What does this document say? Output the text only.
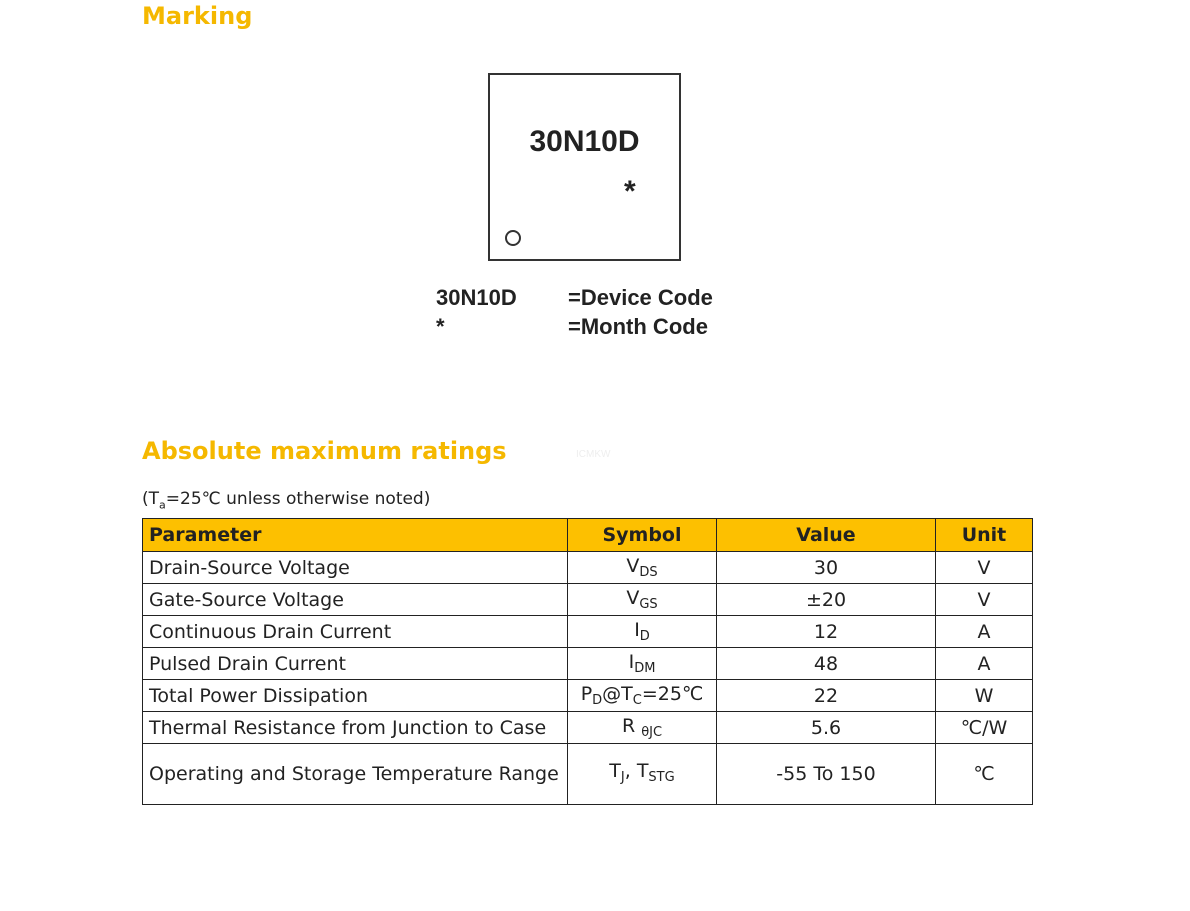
Marking
30N10D
*
30N10D	=Device Code
*	=Month Code
Absolute maximum ratings	ICMKW
($T_a=25℃$ unless otherwise noted)
Parameter	Symbol	Value	Unit
Drain-Source Voltage	$V_{DS}$	30	V
Gate-Source Voltage	$V_{GS}$	±20	V
Continuous Drain Current	$I_D$	12	A
Pulsed Drain Current	$I_{DM}$	48	A
Total Power Dissipation	$P_D@T_C=25℃$	22	W
Thermal Resistance from Junction to Case	R $_{\theta JC}$	5.6	℃/W
Operating and Storage Temperature Range	$T_J$, $T_{STG}$	-55 To 150	℃
